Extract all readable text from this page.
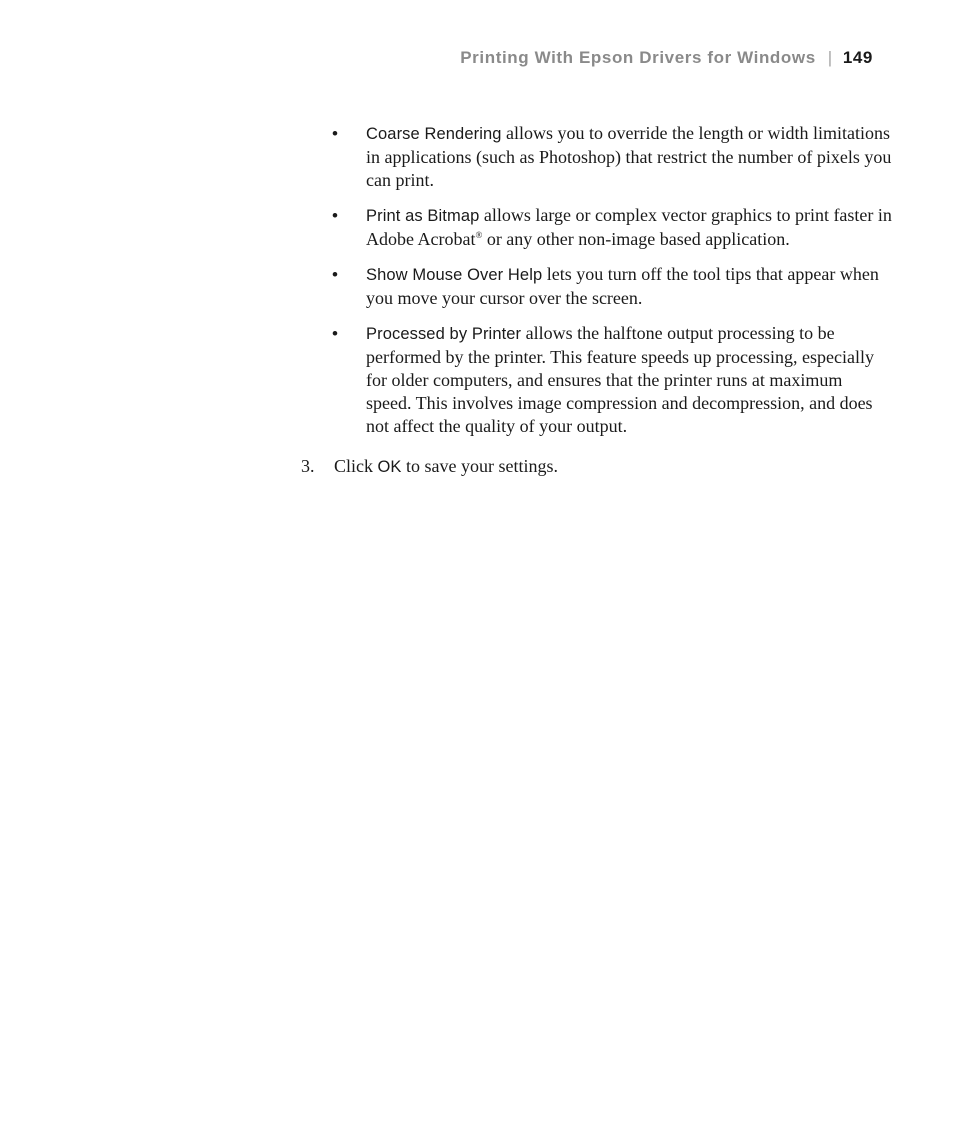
Printing With Epson Drivers for Windows | 149
• Coarse Rendering allows you to override the length or width limitations in applications (such as Photoshop) that restrict the number of pixels you can print.
• Print as Bitmap allows large or complex vector graphics to print faster in Adobe Acrobat® or any other non-image based application.
• Show Mouse Over Help lets you turn off the tool tips that appear when you move your cursor over the screen.
• Processed by Printer allows the halftone output processing to be performed by the printer. This feature speeds up processing, especially for older computers, and ensures that the printer runs at maximum speed. This involves image compression and decompression, and does not affect the quality of your output.
3. Click OK to save your settings.
